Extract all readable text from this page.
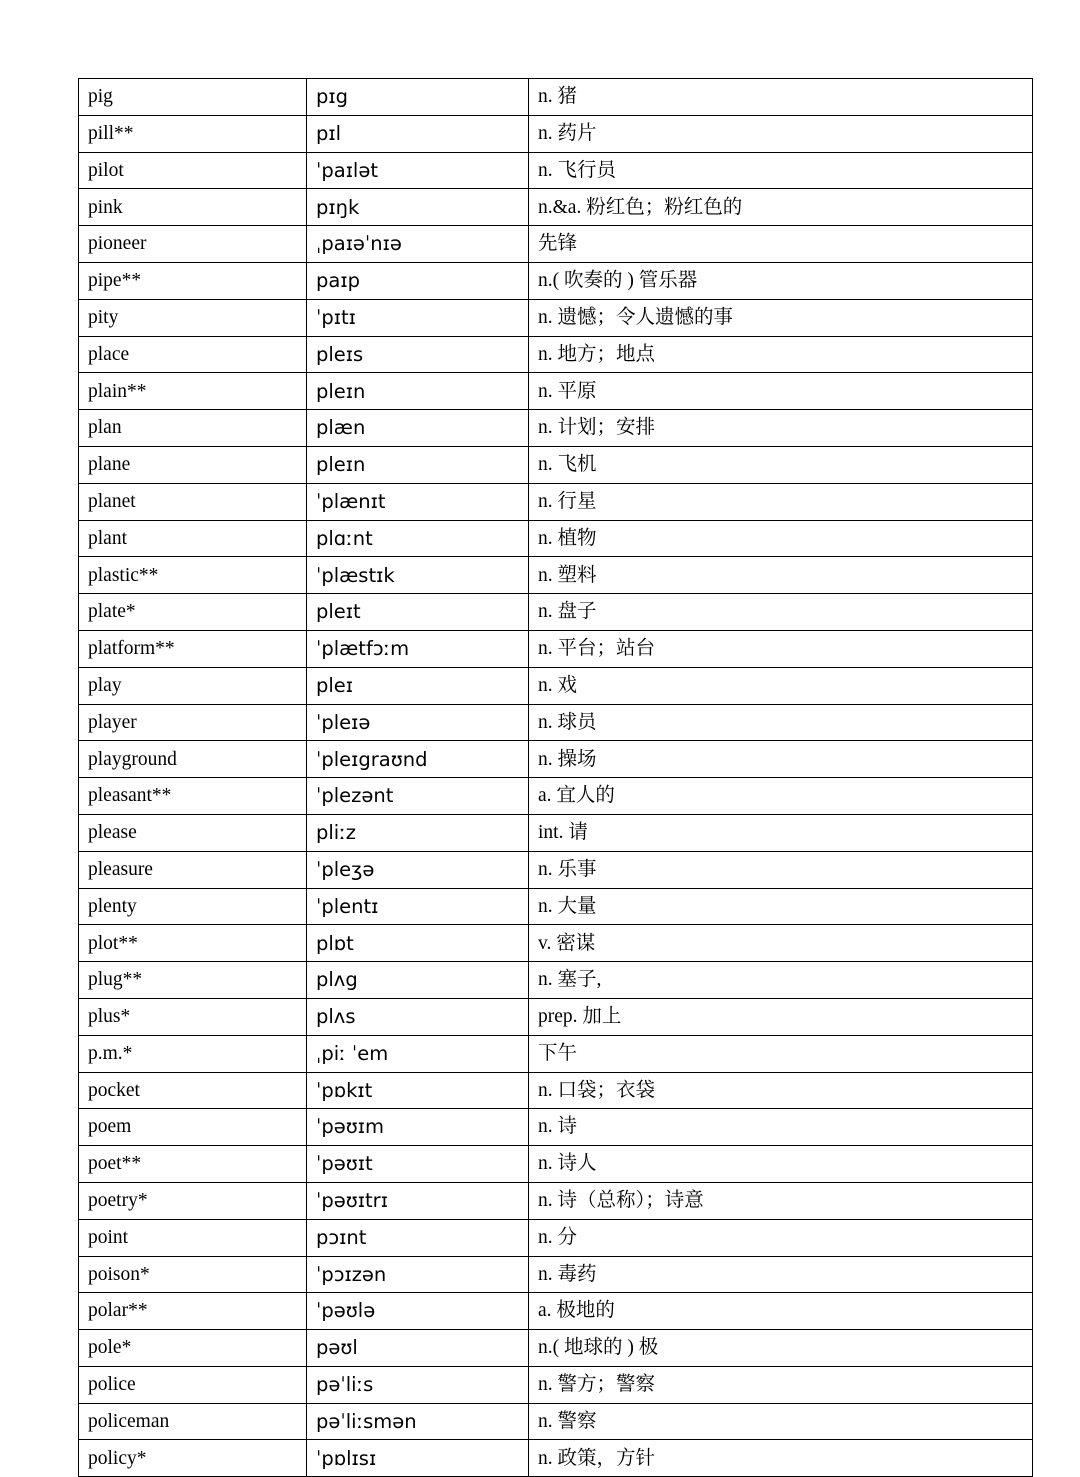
pig	pɪg	n. 猪
pill**	pɪl	n. 药片
pilot	ˈpaɪlət	n. 飞行员
pink	pɪŋk	n.&a. 粉红色；粉红色的
pioneer	ˌpaɪəˈnɪə	先锋
pipe**	paɪp	n.( 吹奏的 ) 管乐器
pity	ˈpɪtɪ	n. 遗憾；令人遗憾的事
place	pleɪs	n. 地方；地点
plain**	pleɪn	n. 平原
plan	plæn	n. 计划；安排
plane	pleɪn	n. 飞机
planet	ˈplænɪt	n. 行星
plant	plɑːnt	n. 植物
plastic**	ˈplæstɪk	n. 塑料
plate*	pleɪt	n. 盘子
platform**	ˈplætfɔːm	n. 平台；站台
play	pleɪ	n. 戏
player	ˈpleɪə	n. 球员
playground	ˈpleɪgraʊnd	n. 操场
pleasant**	ˈplezənt	a. 宜人的
please	pliːz	int. 请
pleasure	ˈpleʒə	n. 乐事
plenty	ˈplentɪ	n. 大量
plot**	plɒt	v. 密谋
plug**	plʌg	n. 塞子,
plus*	plʌs	prep. 加上
p.m.*	ˌpiː ˈem	下午
pocket	ˈpɒkɪt	n. 口袋；衣袋
poem	ˈpəʊɪm	n. 诗
poet**	ˈpəʊɪt	n. 诗人
poetry*	ˈpəʊɪtrɪ	n. 诗（总称）；诗意
point	pɔɪnt	n. 分
poison*	ˈpɔɪzən	n. 毒药
polar**	ˈpəʊlə	a. 极地的
pole*	pəʊl	n.( 地球的 ) 极
police	pəˈliːs	n. 警方；警察
policeman	pəˈliːsmən	n. 警察
policy*	ˈpɒlɪsɪ	n. 政策，方针
